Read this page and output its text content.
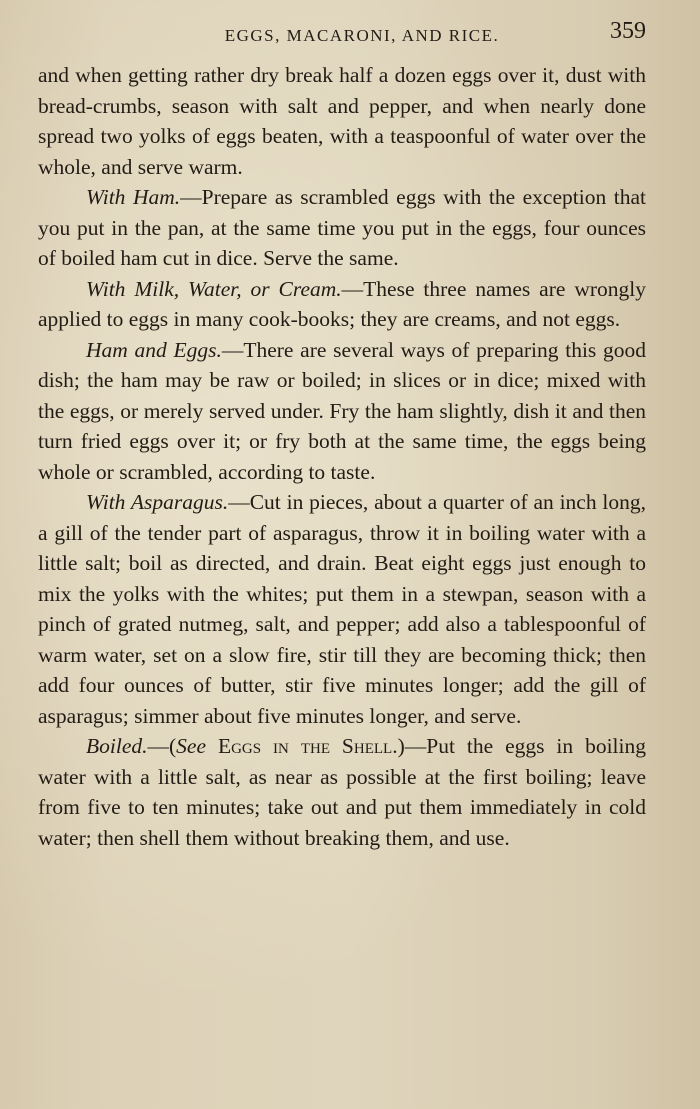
EGGS, MACARONI, AND RICE.	359

and when getting rather dry break half a dozen eggs over it, dust with bread-crumbs, season with salt and pepper, and when nearly done spread two yolks of eggs beaten, with a teaspoonful of water over the whole, and serve warm.

With Ham.—Prepare as scrambled eggs with the exception that you put in the pan, at the same time you put in the eggs, four ounces of boiled ham cut in dice. Serve the same.

With Milk, Water, or Cream.—These three names are wrongly applied to eggs in many cook-books; they are creams, and not eggs.

Ham and Eggs.—There are several ways of preparing this good dish; the ham may be raw or boiled; in slices or in dice; mixed with the eggs, or merely served under. Fry the ham slightly, dish it and then turn fried eggs over it; or fry both at the same time, the eggs being whole or scrambled, according to taste.

With Asparagus.—Cut in pieces, about a quarter of an inch long, a gill of the tender part of asparagus, throw it in boiling water with a little salt; boil as directed, and drain. Beat eight eggs just enough to mix the yolks with the whites; put them in a stewpan, season with a pinch of grated nutmeg, salt, and pepper; add also a tablespoonful of warm water, set on a slow fire, stir till they are becoming thick; then add four ounces of butter, stir five minutes longer; add the gill of asparagus; simmer about five minutes longer, and serve.

Boiled.—(See Eggs in the Shell.)—Put the eggs in boiling water with a little salt, as near as possible at the first boiling; leave from five to ten minutes; take out and put them immediately in cold water; then shell them without breaking them, and use.
